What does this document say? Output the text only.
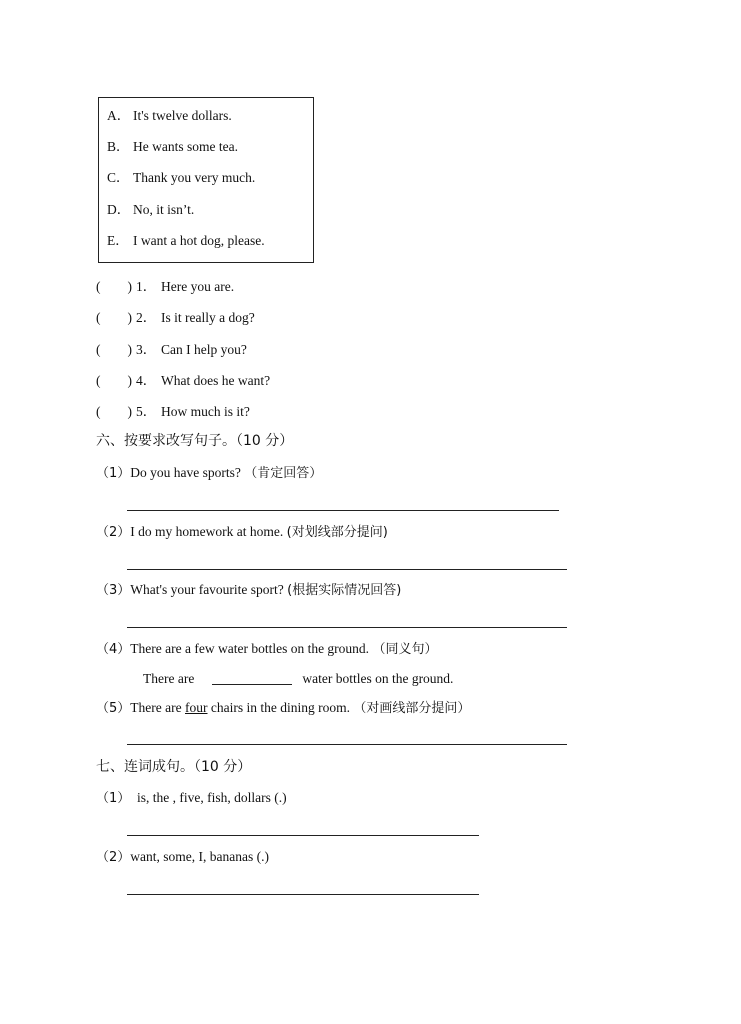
A． It's twelve dollars.
B． He wants some tea.
C． Thank you very much.
D． No, it isn’t.
E． I want a hot dog, please.
(　　) 1． Here you are.
(　　) 2． Is it really a dog?
(　　) 3． Can I help you?
(　　) 4． What does he want?
(　　) 5． How much is it?
六、按要求改写句子。（10 分）
（1）Do you have sports? （肯定回答）
（2）I do my homework at home. (对划线部分提问)
（3）What's your favourite sport? (根据实际情况回答)
（4）There are a few water bottles on the ground. （同义句）
There are	water bottles on the ground.
（5）There are four chairs in the dining room. （对画线部分提问）
七、连词成句。（10 分）
（1） is, the , five, fish, dollars (.)
（2）want, some, I, bananas (.)
